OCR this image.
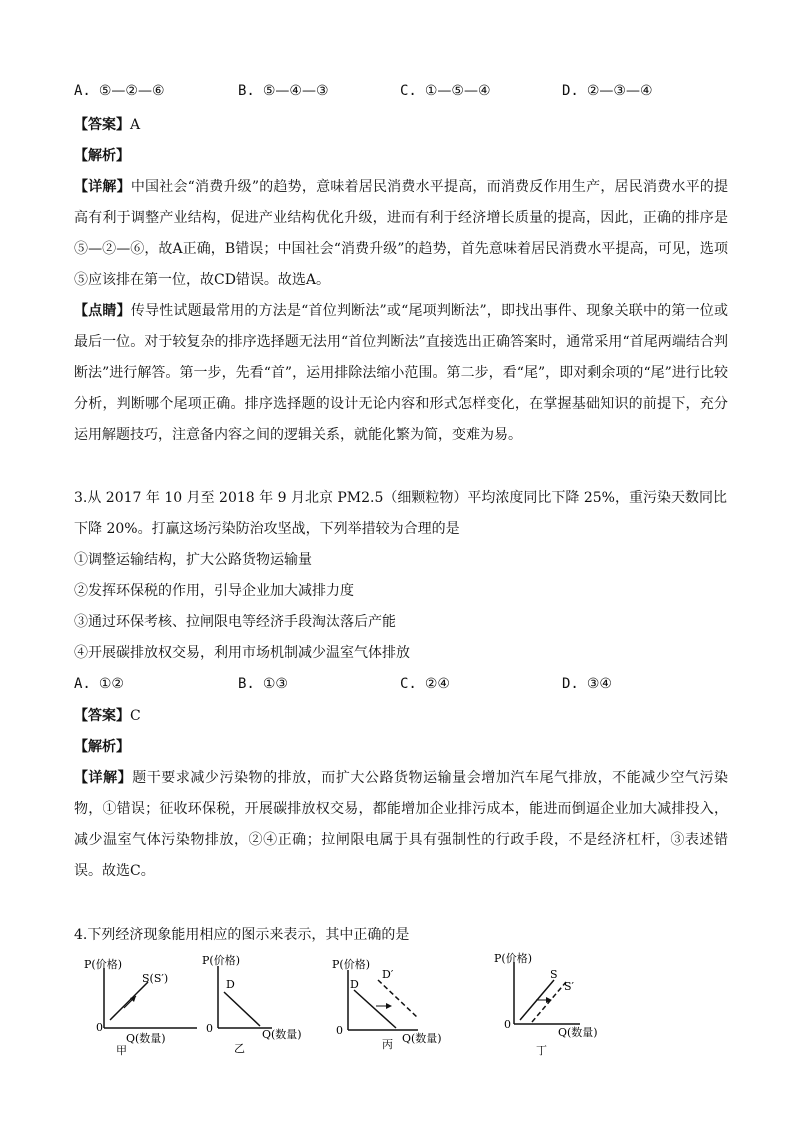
A. ⑤—②—⑥	B. ⑤—④—③	C. ①—⑤—④	D. ②—③—④
【答案】A
【解析】
【详解】中国社会“消费升级”的趋势，意味着居民消费水平提高，而消费反作用生产，居民消费水平的提高有利于调整产业结构，促进产业结构优化升级，进而有利于经济增长质量的提高，因此，正确的排序是⑤—②—⑥，故A正确，B错误；中国社会“消费升级”的趋势，首先意味着居民消费水平提高，可见，选项⑤应该排在第一位，故CD错误。故选A。
【点睛】传导性试题最常用的方法是“首位判断法”或“尾项判断法”，即找出事件、现象关联中的第一位或最后一位。对于较复杂的排序选择题无法用“首位判断法”直接选出正确答案时，通常采用“首尾两端结合判断法”进行解答。第一步，先看“首”，运用排除法缩小范围。第二步，看“尾”，即对剩余项的“尾”进行比较分析，判断哪个尾项正确。排序选择题的设计无论内容和形式怎样变化，在掌握基础知识的前提下，充分运用解题技巧，注意备内容之间的逻辑关系，就能化繁为简，变难为易。
3.从 2017 年 10 月至 2018 年 9 月北京 PM2.5（细颗粒物）平均浓度同比下降 25%，重污染天数同比下降 20%。打赢这场污染防治攻坚战，下列举措较为合理的是
①调整运输结构，扩大公路货物运输量
②发挥环保税的作用，引导企业加大减排力度
③通过环保考核、拉闸限电等经济手段淘汰落后产能
④开展碳排放权交易，利用市场机制减少温室气体排放
A. ①②	B. ①③	C. ②④	D. ③④
【答案】C
【解析】
【详解】题干要求减少污染物的排放，而扩大公路货物运输量会增加汽车尾气排放，不能减少空气污染物，①错误；征收环保税，开展碳排放权交易，都能增加企业排污成本，能进而倒逼企业加大减排投入，减少温室气体污染物排放，②④正确；拉闸限电属于具有强制性的行政手段，不是经济杠杆，③表述错误。故选C。
4.下列经济现象能用相应的图示来表示，其中正确的是
P(价格)
S(S′)
0
Q(数量)
甲
P(价格)
D
0	Q(数量)
乙
P(价格)
D
D′
0
Q(数量)
丙
P(价格)
S
S′
0
Q(数量)
丁
